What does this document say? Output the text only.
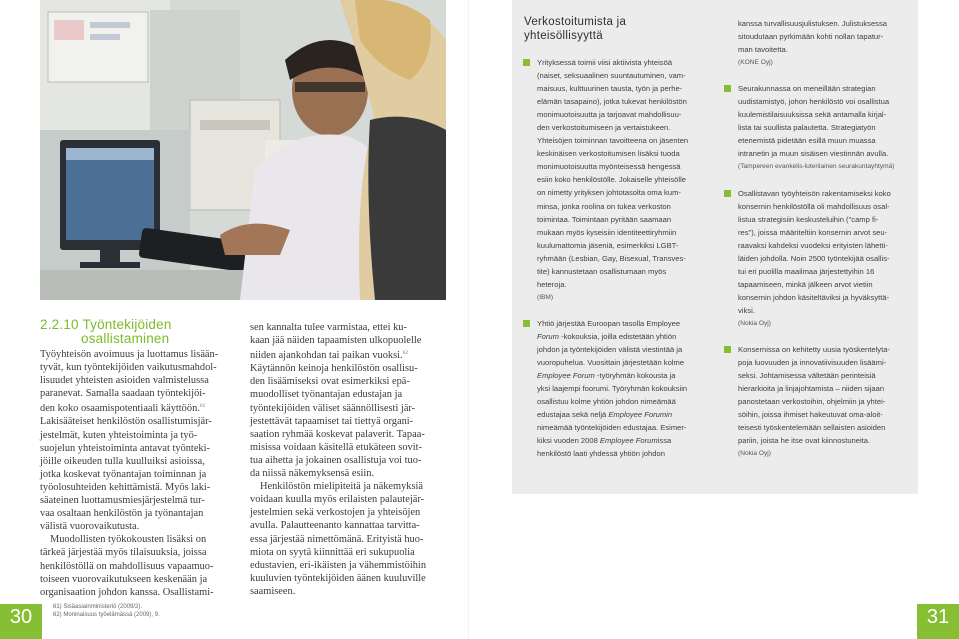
2.2.10 Työntekijöiden
osallistaminen
Työyhteisön avoimuus ja luottamus lisään-
tyvät, kun työntekijöiden vaikutusmahdol-
lisuudet yhteisten asioiden valmistelussa
paranevat. Samalla saadaan työntekijöi-
den koko osaamispotentiaali käyttöön.$^{61}$
Lakisääteiset henkilöstön osallistumisjär-
jestelmät, kuten yhteistoiminta ja työ-
suojelun yhteistoiminta antavat työnteki-
jöille oikeuden tulla kuulluiksi asioissa,
jotka koskevat työnantajan toiminnan ja
työolosuhteiden kehittämistä. Myös laki-
säateinen luottamusmiesjärjestelmä tur-
vaa osaltaan henkilöstön ja työnantajan
välistä vuorovaikutusta.
Muodollisten työkokousten lisäksi on
tärkeä järjestää myös tilaisuuksia, joissa
henkilöstöllä on mahdollisuus vapaamuo-
toiseen vuorovaikutukseen keskenään ja
organisaation johdon kanssa. Osallistami-
sen kannalta tulee varmistaa, ettei ku-
kaan jää näiden tapaamisten ulkopuolelle
niiden ajankohdan tai paikan vuoksi.$^{62}$
Käytännön keinoja henkilöstön osallisu-
den lisäämiseksi ovat esimerkiksi epä-
muodolliset työnantajan edustajan ja
työntekijöiden väliset säännöllisesti jär-
jestettävät tapaamiset tai tiettyä organi-
saation ryhmää koskevat palaverit. Tapaa-
misissa voidaan käsitellä etukäteen sovit-
tua aihetta ja jokainen osallistuja voi tuo-
da niissä näkemyksensä esiin.
Henkilöstön mielipiteitä ja näkemyksiä
voidaan kuulla myös erilaisten palautejär-
jestelmien sekä verkostojen ja yhteisöjen
avulla. Palautteenanto kannattaa tarvitta-
essa järjestää nimettömänä. Erityistä huo-
miota on syytä kiinnittää eri sukupuolia
edustavien, eri-ikäisten ja vähemmistöihin
kuuluvien työntekijöiden äänen kuuluville
saamiseen.
61) Sisäasiainministeriö (2009/2).
62) Moninaisuus työelämässä (2009), 9.
30
Verkostoitumista ja
yhteisöllisyyttä
Yrityksessä toimii viisi aktiivista yhteisöä
(naiset, seksuaalinen suuntautuminen, vam-
maisuus, kulttuurinen tausta, työn ja perhe-
elämän tasapaino), jotka tukevat henkilöstön
monimuotoisuutta ja tarjoavat mahdollisuu-
den verkostoitumiseen ja vertaistukeen.
Yhteisöjen toiminnan tavoitteena on jäsenten
keskinäisen verkostoitumisen lisäksi tuoda
monimuotoisuutta myönteisessä hengessä
esiin koko henkilöstölle. Jokaiselle yhteisölle
on nimetty yrityksen johtotasolta oma kum-
minsa, jonka roolina on tukea verkoston
toimintaa. Toimintaan pyritään saamaan
mukaan myös kyseisiin identiteettiryhmiin
kuulumattomia jäseniä, esimerkiksi LGBT-
ryhmään (Lesbian, Gay, Bisexual, Transves-
tite) kannustetaan osallistumaan myös
heteroja.
(IBM)
Yhtiö järjestää Euroopan tasolla Employee
Forum -kokouksia, joilla edistetään yhtiön
johdon ja työntekijöiden välistä viestintää ja
vuoropuhelua. Vuosittain järjestetään kolme
Employee Forum -työryhmän kokousta ja
yksi laajempi foorumi. Työryhmän kokouksiin
osallistuu kolme yhtiön johdon nimeämää
edustajaa sekä neljä Employee Forumin
nimeämää työntekijöiden edustajaa. Esimer-
kiksi vuoden 2008 Employee Forumissa
henkilöstö laati yhdessä yhtiön johdon
kanssa turvallisuusjulistuksen. Julistuksessa
sitoudutaan pyrkimään kohti nollan tapatur-
man tavoitetta.
(KONE Oyj)
Seurakunnassa on meneillään strategian
uudistamistyö, johon henkilöstö voi osallistua
kuulemistilaisuuksissa sekä antamalla kirjal-
lista tai suullista palautetta. Strategiatyön
etenemistä pidetään esillä muun muassa
intranetin ja muun sisäisen viestinnän avulla.
(Tampereen evankelis-luterilainen seurakuntayhtymä)
Osallistavan työyhteisön rakentamiseksi koko
konsernin henkilöstöllä oli mahdollisuus osal-
listua strategisiin keskusteluihin ("camp fi-
res"), joissa määriteltiin konsernin arvot seu-
raavaksi kahdeksi vuodeksi erityisten lähetti-
läiden johdolla. Noin 2500 työntekijää osallis-
tui eri puolilla maailmaa järjestettyihin 16
tapaamiseen, minkä jälkeen arvot vietiin
konsernin johdon käsiteltäviksi ja hyväksyttä-
viksi.
(Nokia Oyj)
Konsernissa on kehitetty uusia työskentelyta-
poja luovuuden ja innovatiivisuuden lisäämi-
seksi. Johtamisessa vältetään perinteisiä
hierarkioita ja linjajohtamista – niiden sijaan
panostetaan verkostoihin, ohjelmiin ja yhtei-
söihin, joissa ihmiset hakeutuvat oma-aloit-
teisesti työskentelemään sellaisten asioiden
pariin, joista he itse ovat kiinnostuneita.
(Nokia Oyj)
31
